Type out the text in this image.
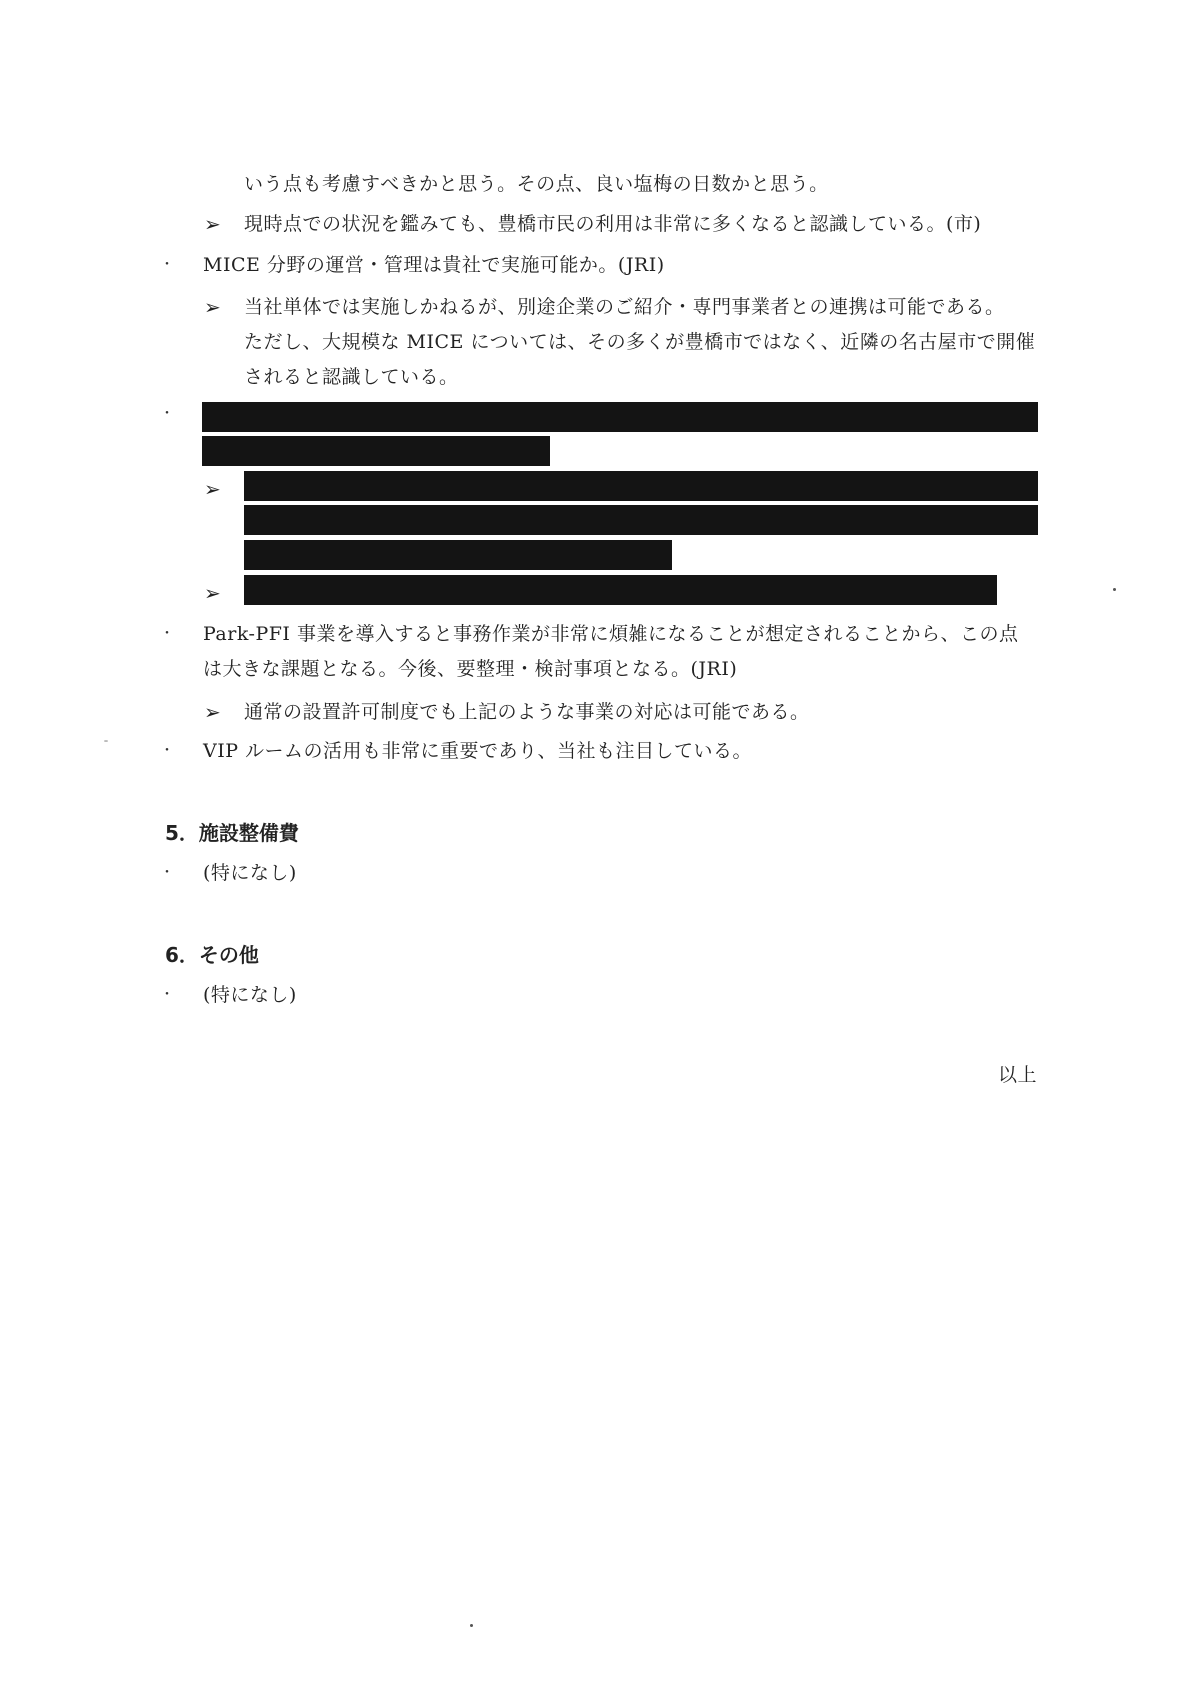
いう点も考慮すべきかと思う。その点、良い塩梅の日数かと思う。
➢ 現時点での状況を鑑みても、豊橋市民の利用は非常に多くなると認識している。(市)
・ MICE 分野の運営・管理は貴社で実施可能か。(JRI)
➢ 当社単体では実施しかねるが、別途企業のご紹介・専門事業者との連携は可能である。
ただし、大規模な MICE については、その多くが豊橋市ではなく、近隣の名古屋市で開催
されると認識している。
・
➢
➢
・ Park-PFI 事業を導入すると事務作業が非常に煩雑になることが想定されることから、この点
は大きな課題となる。今後、要整理・検討事項となる。(JRI)
➢ 通常の設置許可制度でも上記のような事業の対応は可能である。
・ VIP ルームの活用も非常に重要であり、当社も注目している。
5．施設整備費
・ (特になし)
6．その他
・ (特になし)
以上
